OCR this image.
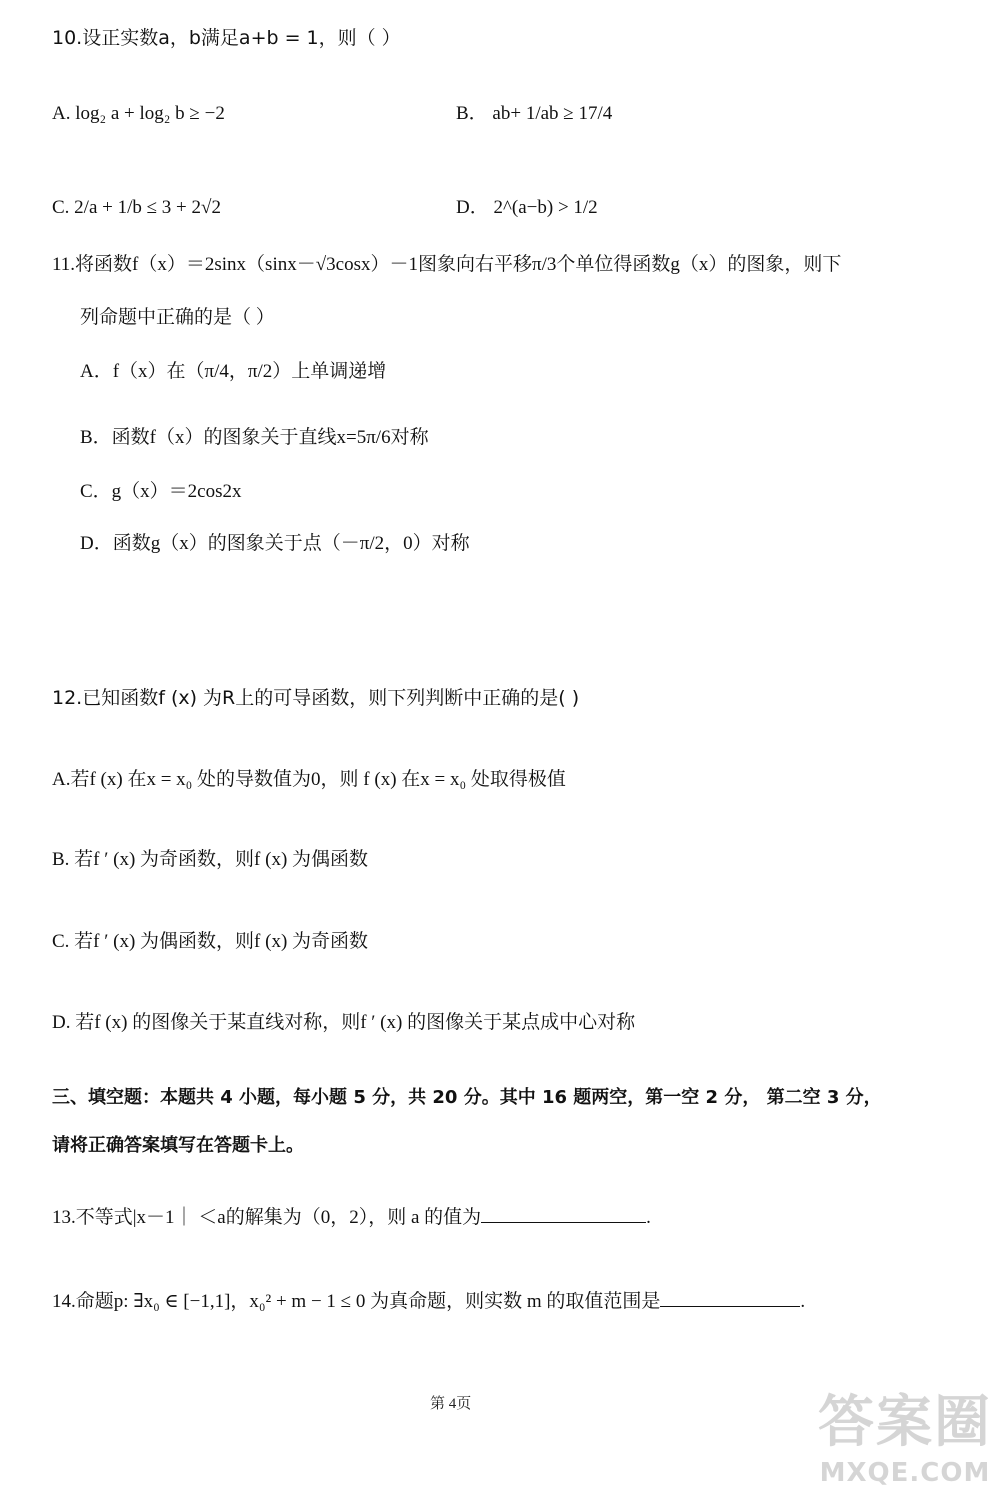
10.设正实数a，b满足a+b = 1，则（ ）
A. log₂ a + log₂ b ≥ −2	B． ab+ 1/ab ≥ 17/4
C. 2/a + 1/b ≤ 3 + 2√2	D． 2^(a−b) > 1/2
11.将函数f（x）＝2sinx（sinx－√3cosx）－1图象向右平移π/3个单位得函数g（x）的图象，则下
列命题中正确的是（ ）
A．f（x）在（π/4，π/2）上单调递增
B．函数f（x）的图象关于直线x=5π/6对称
C．g（x）＝2cos2x
D．函数g（x）的图象关于点（－π/2，0）对称
12.已知函数f (x) 为R上的可导函数，则下列判断中正确的是( )
A.若f (x) 在x = x₀ 处的导数值为0，则 f (x) 在x = x₀ 处取得极值
B. 若f ′ (x) 为奇函数，则f (x) 为偶函数
C. 若f ′ (x) 为偶函数，则f (x) 为奇函数
D. 若f (x) 的图像关于某直线对称，则f ′ (x) 的图像关于某点成中心对称
三、填空题：本题共 4 小题，每小题 5 分，共 20 分。其中 16 题两空，第一空 2 分， 第二空 3 分，
请将正确答案填写在答题卡上。
13.不等式|x－1｜ ＜a的解集为（0，2），则 a 的值为	.
14.命题p: ∃x₀ ∈ [−1,1]，x₀² + m − 1 ≤ 0 为真命题，则实数 m 的取值范围是	.
第 4页	答案圈
MXQE.COM
